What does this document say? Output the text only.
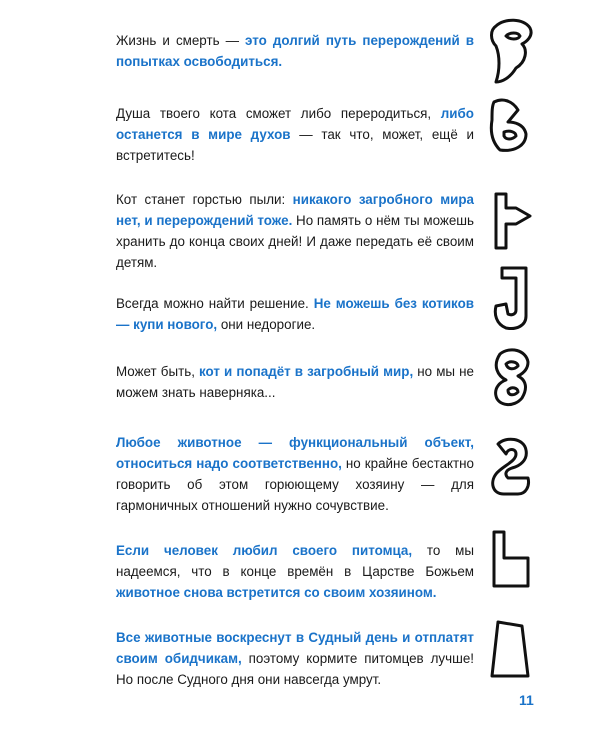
Жизнь и смерть — это долгий путь перерождений в попытках освободиться.

Душа твоего кота сможет либо переродиться, либо останется в мире духов — так что, может, ещё и встретитесь!

Кот станет горстью пыли: никакого загробного мира нет, и перерождений тоже. Но память о нём ты можешь хранить до конца своих дней! И даже передать её своим детям.

Всегда можно найти решение. Не можешь без котиков — купи нового, они недорогие.

Может быть, кот и попадёт в загробный мир, но мы не можем знать наверняка...

Любое животное — функциональный объект, относиться надо соответственно, но крайне бестактно говорить об этом горюющему хозяину — для гармоничных отношений нужно сочувствие.

Если человек любил своего питомца, то мы надеемся, что в конце времён в Царстве Божьем животное снова встретится со своим хозяином.

Все животные воскреснут в Судный день и отплатят своим обидчикам, поэтому кормите питомцев лучше! Но после Судного дня они навсегда умрут.

11
